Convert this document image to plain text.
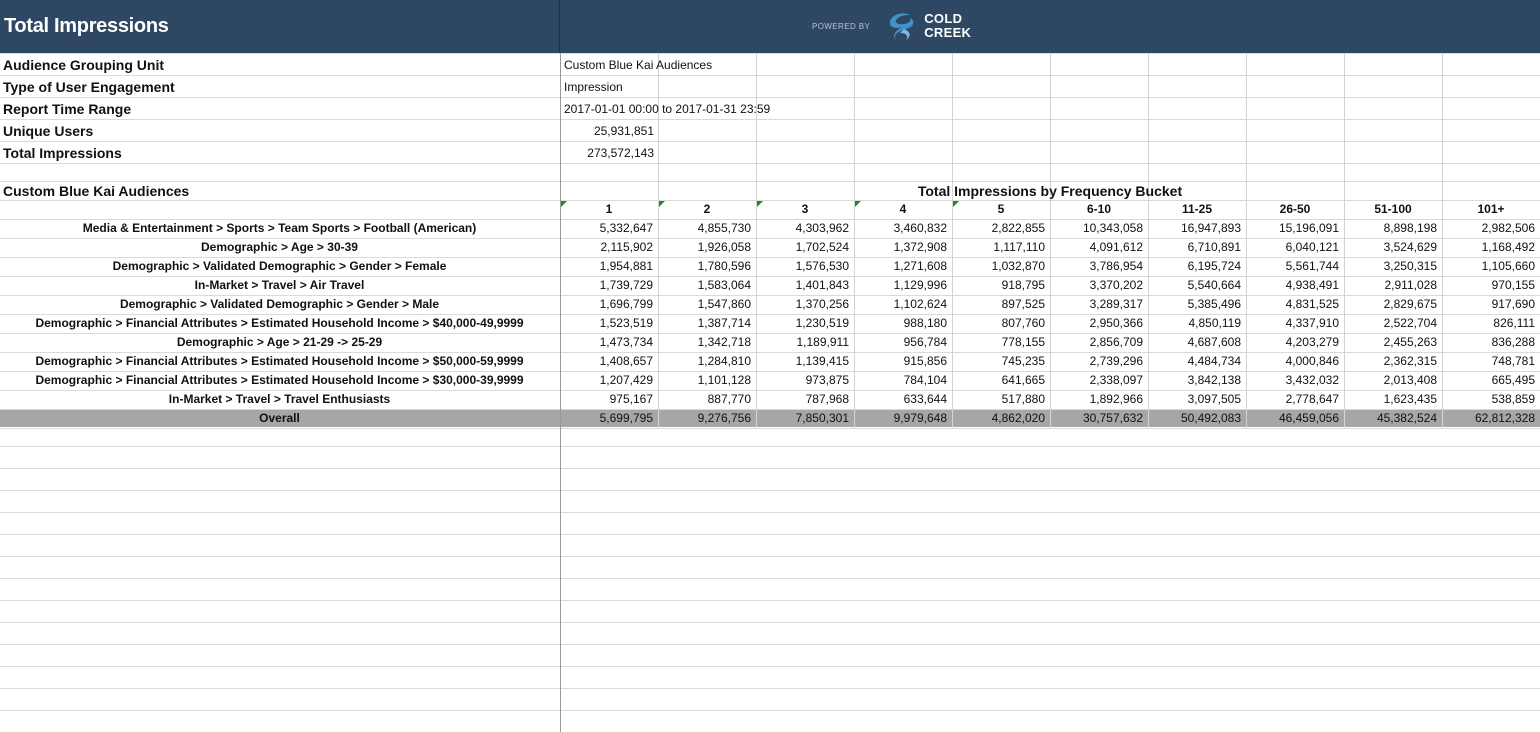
Total Impressions	POWERED BY	COLD
CREEK
Audience Grouping Unit	Custom Blue Kai Audiences
Type of User Engagement	Impression
Report Time Range	2017-01-01 00:00 to 2017-01-31 23:59
Unique Users	25,931,851
Total Impressions	273,572,143
Custom Blue Kai Audiences	Total Impressions by Frequency Bucket
1	2	3	4	5	6-10	11-25	26-50	51-100	101+
Media & Entertainment > Sports > Team Sports > Football (American)	5,332,647	4,855,730	4,303,962	3,460,832	2,822,855	10,343,058	16,947,893	15,196,091	8,898,198	2,982,506
Demographic > Age > 30-39	2,115,902	1,926,058	1,702,524	1,372,908	1,117,110	4,091,612	6,710,891	6,040,121	3,524,629	1,168,492
Demographic > Validated Demographic > Gender > Female	1,954,881	1,780,596	1,576,530	1,271,608	1,032,870	3,786,954	6,195,724	5,561,744	3,250,315	1,105,660
In-Market > Travel > Air Travel	1,739,729	1,583,064	1,401,843	1,129,996	918,795	3,370,202	5,540,664	4,938,491	2,911,028	970,155
Demographic > Validated Demographic > Gender > Male	1,696,799	1,547,860	1,370,256	1,102,624	897,525	3,289,317	5,385,496	4,831,525	2,829,675	917,690
Demographic > Financial Attributes > Estimated Household Income > $40,000-49,9999	1,523,519	1,387,714	1,230,519	988,180	807,760	2,950,366	4,850,119	4,337,910	2,522,704	826,111
Demographic > Age > 21-29 -> 25-29	1,473,734	1,342,718	1,189,911	956,784	778,155	2,856,709	4,687,608	4,203,279	2,455,263	836,288
Demographic > Financial Attributes > Estimated Household Income > $50,000-59,9999	1,408,657	1,284,810	1,139,415	915,856	745,235	2,739,296	4,484,734	4,000,846	2,362,315	748,781
Demographic > Financial Attributes > Estimated Household Income > $30,000-39,9999	1,207,429	1,101,128	973,875	784,104	641,665	2,338,097	3,842,138	3,432,032	2,013,408	665,495
In-Market > Travel > Travel Enthusiasts	975,167	887,770	787,968	633,644	517,880	1,892,966	3,097,505	2,778,647	1,623,435	538,859
Overall	5,699,795	9,276,756	7,850,301	9,979,648	4,862,020	30,757,632	50,492,083	46,459,056	45,382,524	62,812,328
